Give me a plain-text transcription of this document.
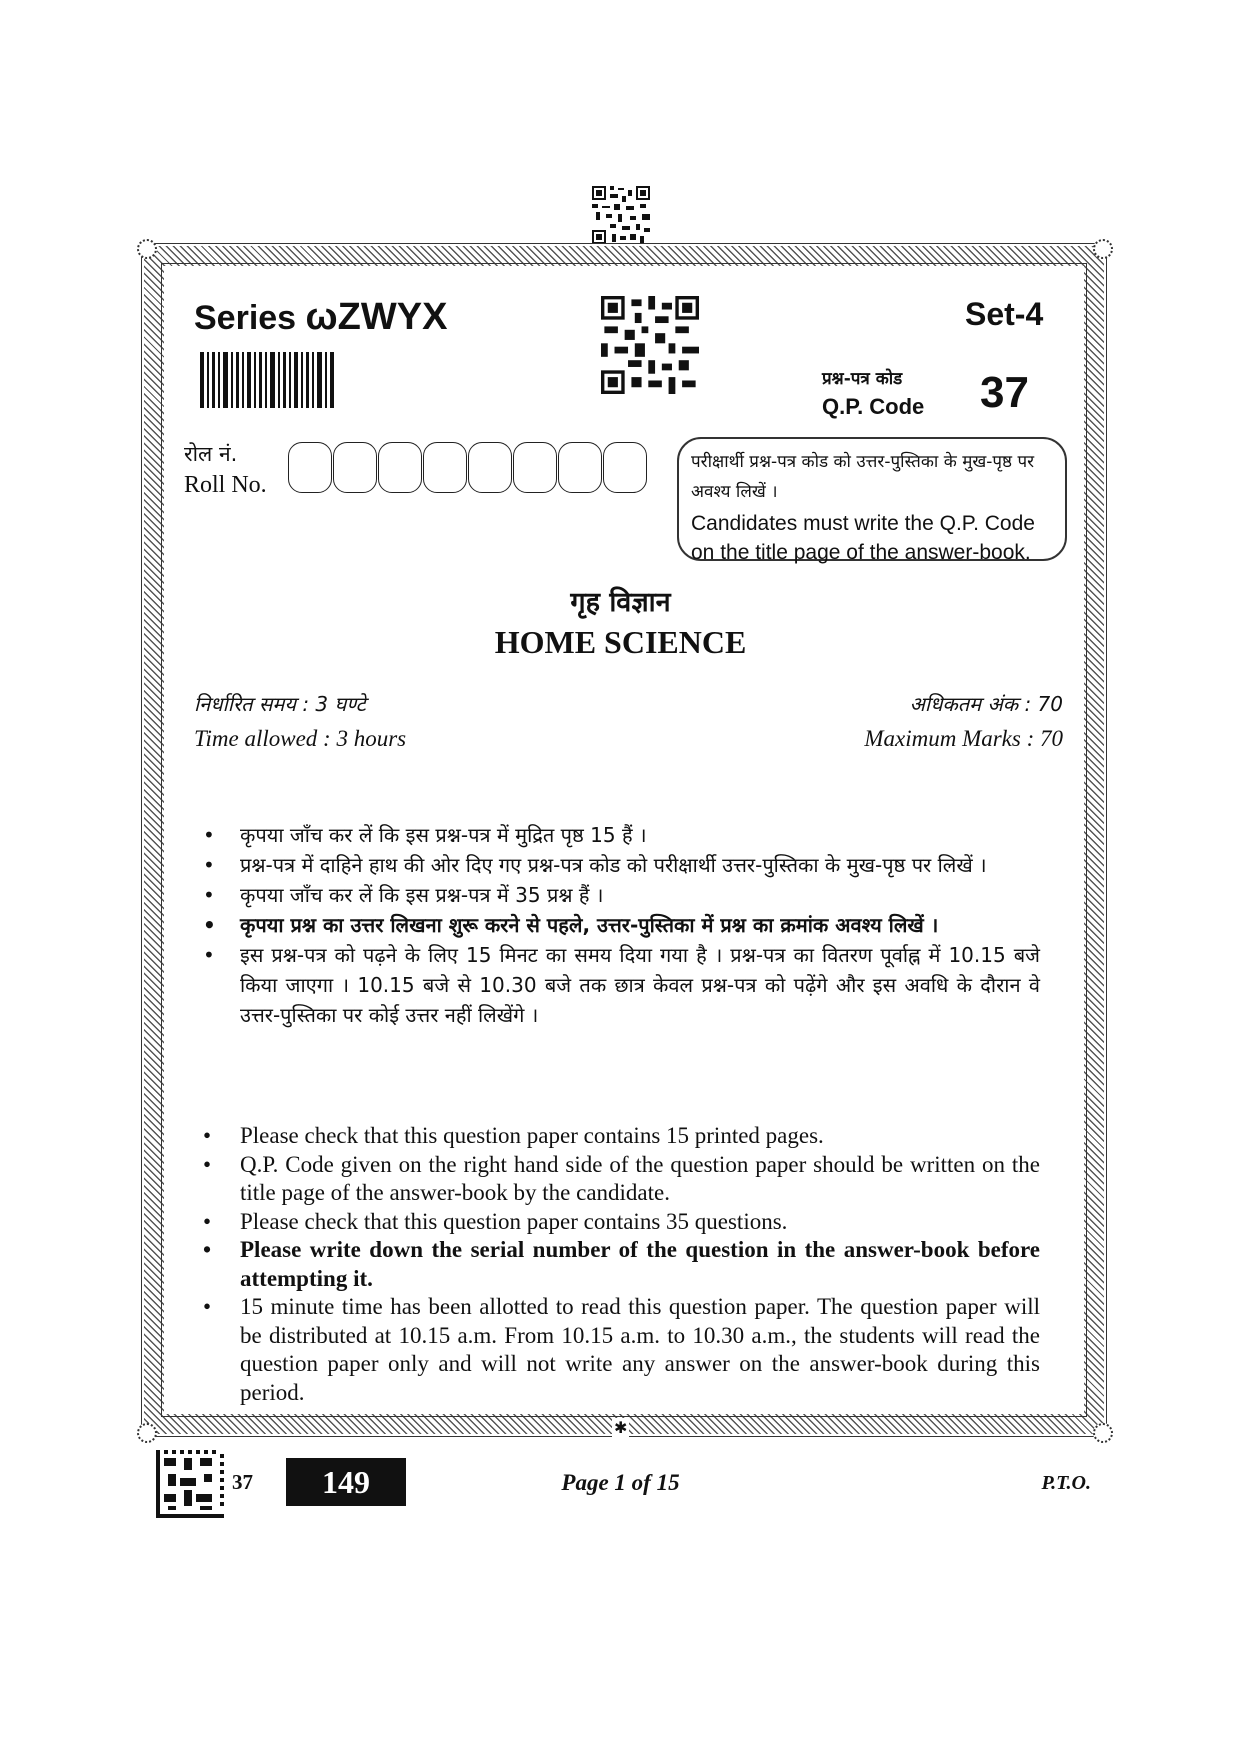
✱
Series ωZWYX	Set-4
प्रश्न-पत्र कोड
Q.P. Code 37
रोल नं.
Roll No.
परीक्षार्थी प्रश्न-पत्र कोड को उत्तर-पुस्तिका के मुख-पृष्ठ पर अवश्य लिखें ।
Candidates must write the Q.P. Code on the title page of the answer-book.
गृह विज्ञान
HOME SCIENCE
निर्धारित समय : 3 घण्टे
Time allowed : 3 hours
अधिकतम अंक : 70
Maximum Marks : 70
• कृपया जाँच कर लें कि इस प्रश्न-पत्र में मुद्रित पृष्ठ 15 हैं ।
• प्रश्न-पत्र में दाहिने हाथ की ओर दिए गए प्रश्न-पत्र कोड को परीक्षार्थी उत्तर-पुस्तिका के मुख-पृष्ठ पर लिखें ।
• कृपया जाँच कर लें कि इस प्रश्न-पत्र में 35 प्रश्न हैं ।
• कृपया प्रश्न का उत्तर लिखना शुरू करने से पहले, उत्तर-पुस्तिका में प्रश्न का क्रमांक अवश्य लिखें ।
• इस प्रश्न-पत्र को पढ़ने के लिए 15 मिनट का समय दिया गया है । प्रश्न-पत्र का वितरण पूर्वाह्न में 10.15 बजे किया जाएगा । 10.15 बजे से 10.30 बजे तक छात्र केवल प्रश्न-पत्र को पढ़ेंगे और इस अवधि के दौरान वे उत्तर-पुस्तिका पर कोई उत्तर नहीं लिखेंगे ।
• Please check that this question paper contains 15 printed pages.
• Q.P. Code given on the right hand side of the question paper should be written on the title page of the answer-book by the candidate.
• Please check that this question paper contains 35 questions.
• Please write down the serial number of the question in the answer-book before attempting it.
• 15 minute time has been allotted to read this question paper. The question paper will be distributed at 10.15 a.m. From 10.15 a.m. to 10.30 a.m., the students will read the question paper only and will not write any answer on the answer-book during this period.
37	149	Page 1 of 15	P.T.O.
